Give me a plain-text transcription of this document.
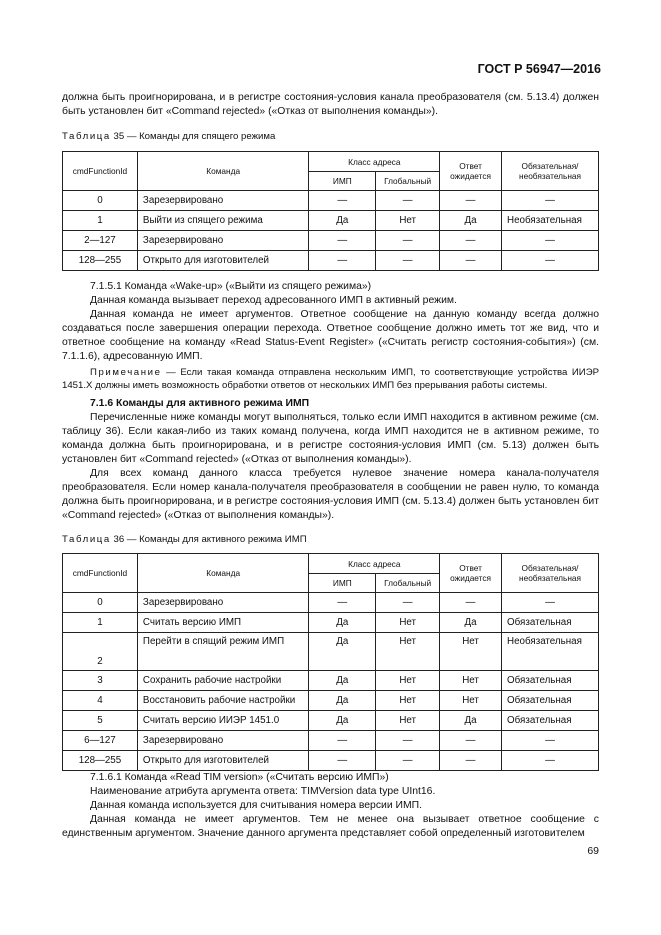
ГОСТ Р 56947—2016

должна быть проигнорирована, и в регистре состояния-условия канала преобразователя (см. 5.13.4) должен быть установлен бит «Command rejected» («Отказ от выполнения команды»).

Таблица 35 — Команды для спящего режима
cmdFunctionId	Команда	Класс адреса		Ответ ожидается	Обязательная/ необязательная
		ИМП	Глобальный		
0	Зарезервировано	—	—	—	—
1	Выйти из спящего режима	Да	Нет	Да	Необязательная
2—127	Зарезервировано	—	—	—	—
128—255	Открыто для изготовителей	—	—	—	—

7.1.5.1 Команда «Wake-up» («Выйти из спящего режима»)

Данная команда вызывает переход адресованного ИМП в активный режим.

Данная команда не имеет аргументов. Ответное сообщение на данную команду всегда должно создаваться после завершения операции перехода. Ответное сообщение должно иметь тот же вид, что и ответное сообщение на команду «Read Status-Event Register» («Считать регистр состояния-события») (см. 7.1.1.6), адресованную ИМП.

Примечание — Если такая команда отправлена нескольким ИМП, то соответствующие устройства ИИЭР 1451.X должны иметь возможность обработки ответов от нескольких ИМП без прерывания работы системы.

7.1.6 Команды для активного режима ИМП

Перечисленные ниже команды могут выполняться, только если ИМП находится в активном режиме (см. таблицу 36). Если какая-либо из таких команд получена, когда ИМП находится не в активном режиме, то команда должна быть проигнорирована, и в регистре состояния-условия ИМП (см. 5.13) должен быть установлен бит «Command rejected» («Отказ от выполнения команды»).

Для всех команд данного класса требуется нулевое значение номера канала-получателя преобразователя. Если номер канала-получателя преобразователя в сообщении не равен нулю, то команда должна быть проигнорирована, и в регистре состояния-условия ИМП (см. 5.13.4) должен быть установлен бит «Command rejected» («Отказ от выполнения команды»).

Таблица 36 — Команды для активного режима ИМП
cmdFunctionId	Команда	Класс адреса		Ответ ожидается	Обязательная/ необязательная
		ИМП	Глобальный		
0	Зарезервировано	—	—	—	—
1	Считать версию ИМП	Да	Нет	Да	Обязательная
2	Перейти в спящий режим ИМП	Да	Нет	Нет	Необязательная
3	Сохранить рабочие настройки	Да	Нет	Нет	Обязательная
4	Восстановить рабочие настройки	Да	Нет	Нет	Обязательная
5	Считать версию ИИЭР 1451.0	Да	Нет	Да	Обязательная
6—127	Зарезервировано	—	—	—	—
128—255	Открыто для изготовителей	—	—	—	—

7.1.6.1 Команда «Read TIM version» («Считать версию ИМП»)

Наименование атрибута аргумента ответа: TIMVersion data type UInt16.

Данная команда используется для считывания номера версии ИМП.

Данная команда не имеет аргументов. Тем не менее она вызывает ответное сообщение с единственным аргументом. Значение данного аргумента представляет собой определенный изготовителем

69
